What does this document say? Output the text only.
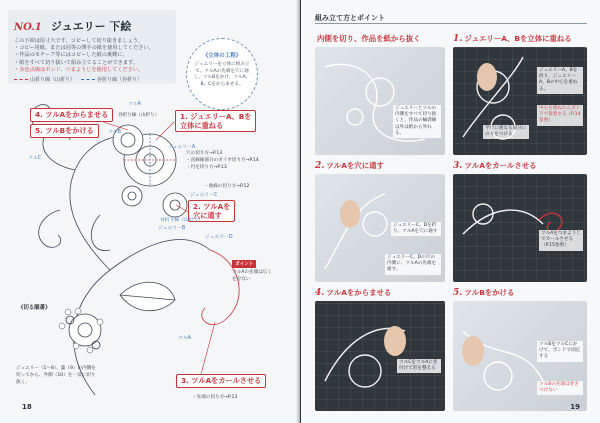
NO.1 ジュエリー 下絵
この下絵は原寸大です。コピーして切り抜きましょう。
・コピー用紙、または同等の薄手の紙を使用してください。
・作品のモチーフ等にはコピーした紙の裏側に、
・紙をすべて切り抜いて組み立てることができます。
・赤色点線はボンド、つまようじを使用してください。
山折り線（山折り）	谷折り線（谷折り）
《立体の工程》
ジュエリーを立体に組み立て、ツルAの先端を穴に通し、ツルBをかけ、ツルA、B、Cをからませる。
4. ツルAをからませる
5. ツルBをかける
1. ジュエリーA、Bを
立体に重ねる
2. ツルAを
穴に通す
3. ツルAをカールさせる
ツルA
ツルB
ツルC
ツルA
ジュエリーA
ジュエリーB
ジュエリーC
ジュエリーD
谷折り線（山折り）
穴の切り方→P.13
・直線線部分のダイヤ切り方→P.14
・円を切り方→P.13
・曲線の切り方→P.12
・先端の切り方→P.13
谷折り線（山折り）
ポイント
ツルAの先端は広くを分ない
《切る順番》
ジュエリー（1～8）、葉（9）の内側を切ってから、外側（10）を一気に切り抜く。
18
組み立て方とポイント
内側を切り、作品を紙から抜く	1. ジュエリーA、Bを立体に重ねる
2. ツルAを穴に通す	3. ツルAをカールさせる
4. ツルAをからませる	5. ツルBをかける
ジュエリーとツルの内側をすべて切り抜くと、作品の輪郭線以外は紙から外れる。
ジュエリーA、Bを折り、ジュエリーA、Bの中心を重ねる。
中心を重ねたらボンドで接着する（P.14参照）
平行に重なる部分にのりをつける
ジュエリーC、Dを折り、ツルAを穴に通す
ジュエリーC、Dの穴の内側に、ツルAの先端を通す。
ツルAをつまようじでカールさせる（P.15参照）
ツルCをツルAに巻付けて形を整える
ツルBをツルCにかけて、ボンドで固定する
ツルBの先端は巻きつけない
19
